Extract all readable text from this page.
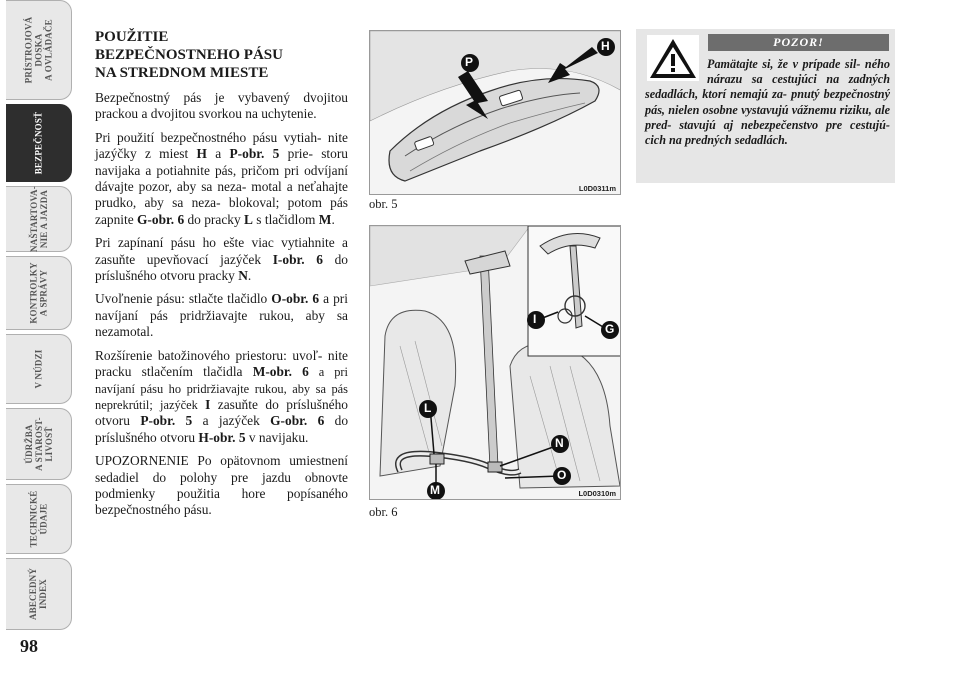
PRÍSTROJOVÁ
DOSKA
A OVLÁDAČE
BEZPEČNOSŤ
NAŠTARTOVA-
NIE A JAZDA
KONTROLKY
A SPRÁVY
V NÚDZI
ÚDRŽBA
A STAROST-
LIVOSŤ
TECHNICKÉ
ÚDAJE
ABECEDNÝ
INDEX
98
POUŽITIE
BEZPEČNOSTNEHO PÁSU
NA STREDNOM MIESTE

Bezpečnostný pás je vybavený dvojitou prackou a dvojitou svorkou na uchytenie.

Pri použití bezpečnostného pásu vytiah- nite jazýčky z miest H a P-obr. 5 prie- storu navijaka a potiahnite pás, pričom pri odvíjaní dávajte pozor, aby sa neza- motal a neťahajte prudko, aby sa neza- blokoval; potom pás zapnite G-obr. 6 do pracky L s tlačidlom M.

Pri zapínaní pásu ho ešte viac vytiahnite a zasuňte upevňovací jazýček I-obr. 6 do príslušného otvoru pracky N.

Uvoľnenie pásu: stlačte tlačidlo O-obr. 6 a pri navíjaní pás pridržiavajte rukou, aby sa nezamotal.

Rozšírenie batožinového priestoru: uvoľ- nite pracku stlačením tlačidla M-obr. 6 a pri navíjaní pásu ho pridržiavajte rukou, aby sa pás neprekrútil; jazýček I zasuňte do príslušného otvoru P-obr. 5 a jazýček G-obr. 6 do príslušného otvoru H-obr. 5 v navijaku.

UPOZORNENIE Po opätovnom umiestnení sedadiel do polohy pre jazdu obnovte podmienky použitia hore popísaného bezpečnostného pásu.

P
H
L0D0311m
obr. 5
I
G
L
N
O
M	L0D0310m
obr. 6
POZOR!
Pamätajte si, že v prípade sil- ného nárazu sa cestujúci na zadných sedadlách, ktorí nemajú za- pnutý bezpečnostný pás, nielen osobne vystavujú vážnemu riziku, ale pred- stavujú aj nebezpečenstvo pre cestujú- cich na predných sedadlách.
